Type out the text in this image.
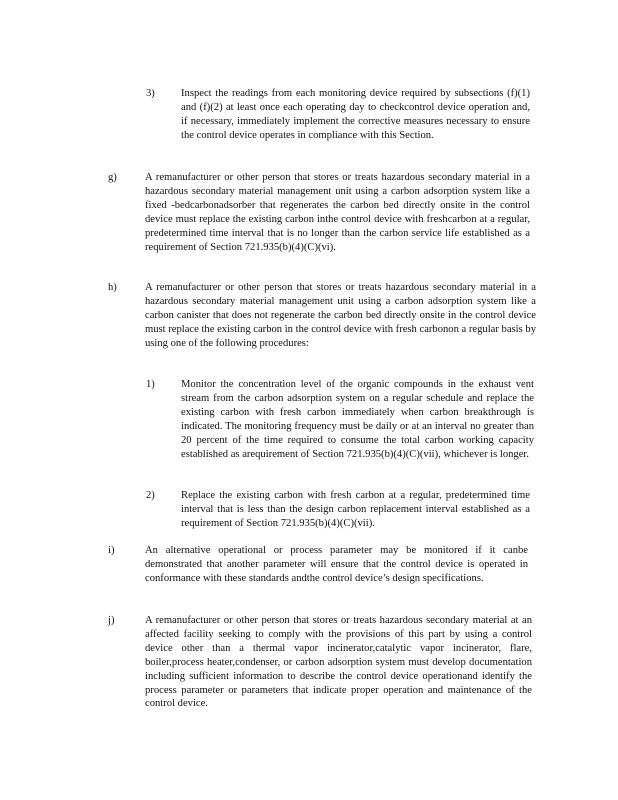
3) Inspect the readings from each monitoring device required by subsections (f)(1) and (f)(2) at least once each operating day to checkcontrol device operation and, if necessary, immediately implement the corrective measures necessary to ensure the control device operates in compliance with this Section.

g)	A remanufacturer or other person that stores or treats hazardous secondary material in a hazardous secondary material management unit using a carbon adsorption system like a fixed -bedcarbonadsorber that regenerates the carbon bed directly onsite in the control device must replace the existing carbon inthe control device with freshcarbon at a regular, predetermined time interval that is no longer than the carbon service life established as a requirement of Section 721.935(b)(4)(C)(vi).

h)	A remanufacturer or other person that stores or treats hazardous secondary material in a hazardous secondary material management unit using a carbon adsorption system like a carbon canister that does not regenerate the carbon bed directly onsite in the control device must replace the existing carbon in the control device with fresh carbonon a regular basis by using one of the following procedures:

1) Monitor the concentration level of the organic compounds in the exhaust vent stream from the carbon adsorption system on a regular schedule and replace the existing carbon with fresh carbon immediately when carbon breakthrough is indicated. The monitoring frequency must be daily or at an interval no greater than 20 percent of the time required to consume the total carbon working capacity established as arequirement of Section 721.935(b)(4)(C)(vii), whichever is longer.

2) Replace the existing carbon with fresh carbon at a regular, predetermined time interval that is less than the design carbon replacement interval established as a requirement of Section 721.935(b)(4)(C)(vii).

i)	An alternative operational or process parameter may be monitored if it canbe demonstrated that another parameter will ensure that the control device is operated in conformance with these standards andthe control device’s design specifications.

j)	A remanufacturer or other person that stores or treats hazardous secondary material at an affected facility seeking to comply with the provisions of this part by using a control device other than a thermal vapor incinerator,catalytic vapor incinerator, flare, boiler,process heater,condenser, or carbon adsorption system must develop documentation including sufficient information to describe the control device operationand identify the process parameter or parameters that indicate proper operation and maintenance of the control device.
